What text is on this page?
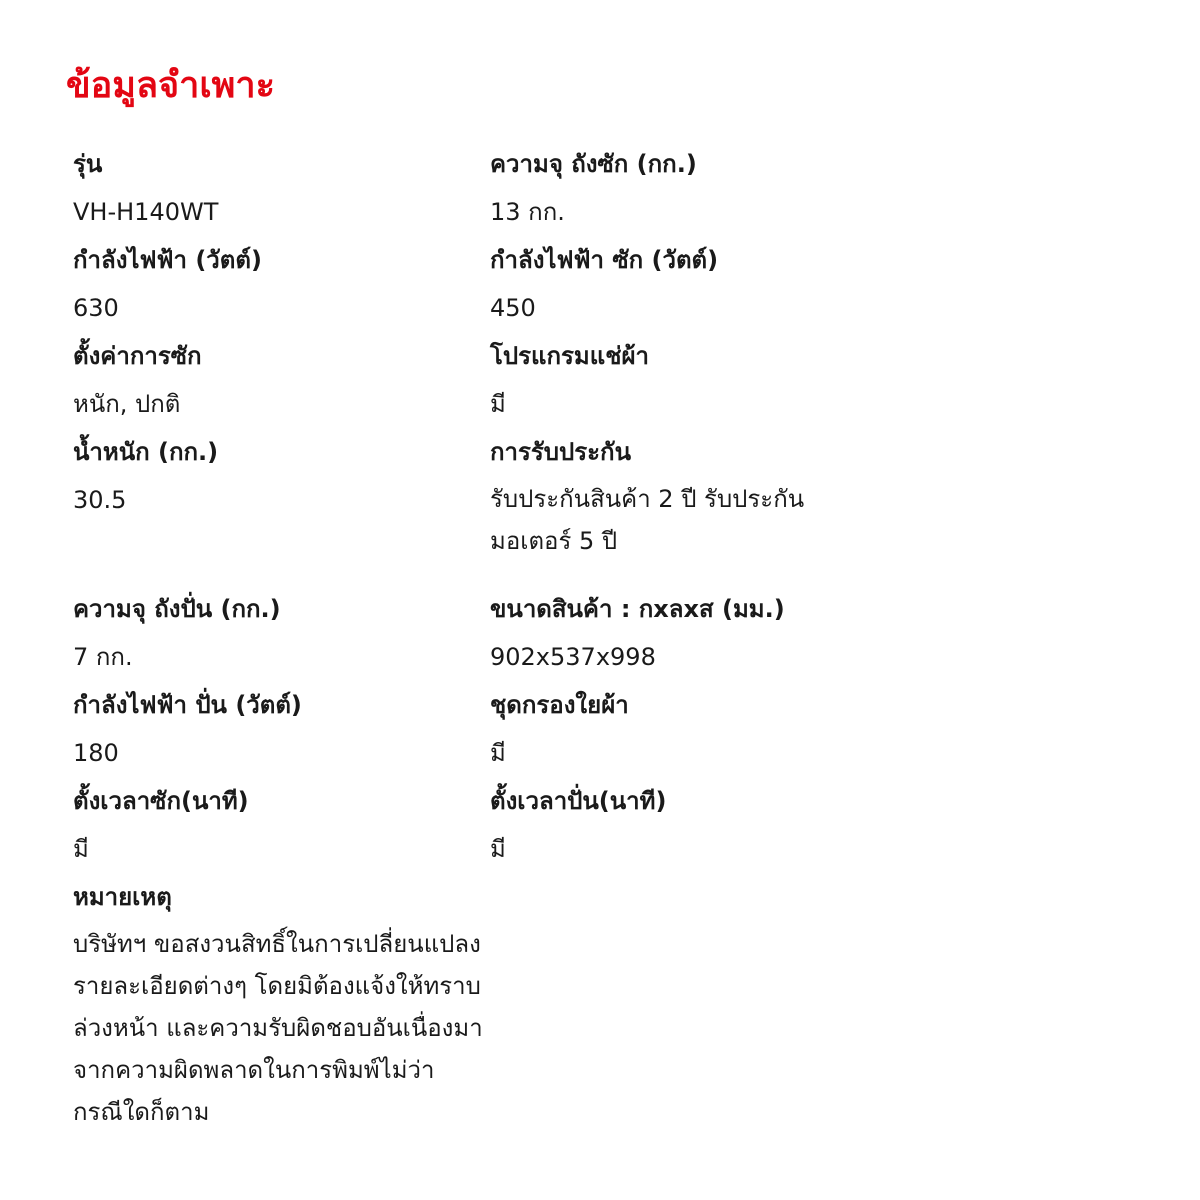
ข้อมูลจำเพาะ
รุ่น
VH-H140WT
กำลังไฟฟ้า (วัตต์)
630
ตั้งค่าการซัก
หนัก, ปกติ
น้ำหนัก (กก.)
30.5
ความจุ ถังซัก (กก.)
13 กก.
กำลังไฟฟ้า ซัก (วัตต์)
450
โปรแกรมแช่ผ้า
มี
การรับประกัน
รับประกันสินค้า 2 ปี รับประกันมอเตอร์ 5 ปี
ความจุ ถังปั่น (กก.)
7 กก.
กำลังไฟฟ้า ปั่น (วัตต์)
180
ตั้งเวลาซัก(นาที)
มี
หมายเหตุ
บริษัทฯ ขอสงวนสิทธิ์ในการเปลี่ยนแปลงรายละเอียดต่างๆ โดยมิต้องแจ้งให้ทราบล่วงหน้า และความรับผิดชอบอันเนื่องมาจากความผิดพลาดในการพิมพ์ไม่ว่ากรณีใดก็ตาม
ขนาดสินค้า : กxลxส (มม.)
902x537x998
ชุดกรองใยผ้า
มี
ตั้งเวลาปั่น(นาที)
มี
